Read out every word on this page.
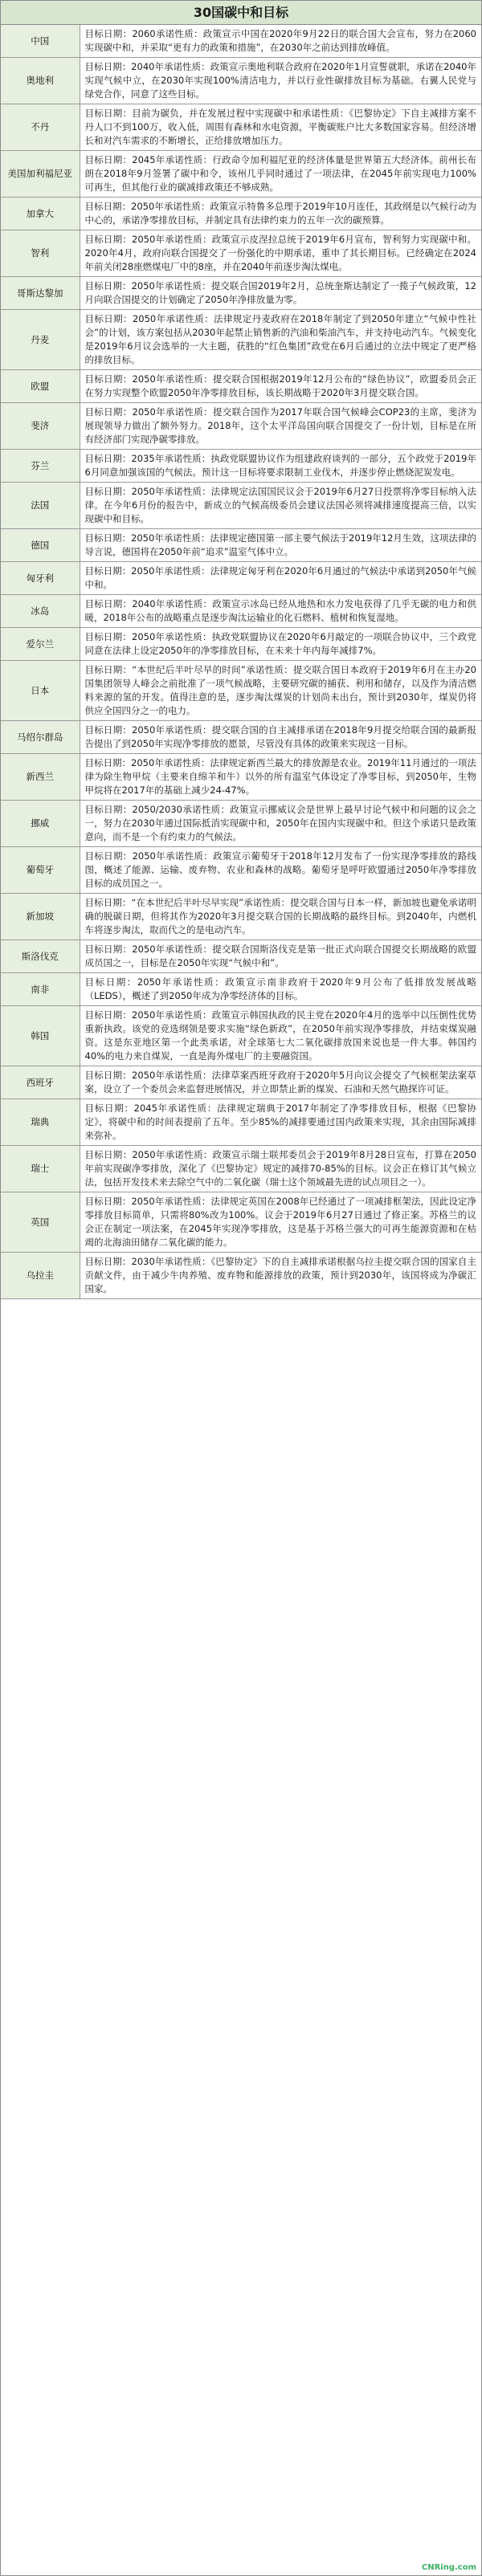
30国碳中和目标
中国	目标日期：2060承诺性质：政策宣示中国在2020年9月22日的联合国大会宣布，努力在2060实现碳中和，并采取“更有力的政策和措施”，在2030年之前达到排放峰值。
奥地利	目标日期：2040年承诺性质：政策宣示奥地利联合政府在2020年1月宣誓就职，承诺在2040年实现气候中立，在2030年实现100%清洁电力，并以行业性碳排放目标为基础。右翼人民党与绿党合作，同意了这些目标。
不丹	目标日期：目前为碳负，并在发展过程中实现碳中和承诺性质：《巴黎协定》下自主减排方案不丹人口不到100万，收入低，周围有森林和水电资源，平衡碳账户比大多数国家容易。但经济增长和对汽车需求的不断增长，正给排放增加压力。
美国加利福尼亚	目标日期：2045年承诺性质：行政命令加利福尼亚的经济体量是世界第五大经济体。前州长布朗在2018年9月签署了碳中和令，该州几乎同时通过了一项法律，在2045年前实现电力100%可再生，但其他行业的碳减排政策还不够成熟。
加拿大	目标日期：2050年承诺性质：政策宣示特鲁多总理于2019年10月连任，其政纲是以气候行动为中心的，承诺净零排放目标，并制定具有法律约束力的五年一次的碳预算。
智利	目标日期：2050年承诺性质：政策宣示皮涅拉总统于2019年6月宣布，智利努力实现碳中和。2020年4月，政府向联合国提交了一份强化的中期承诺，重申了其长期目标。已经确定在2024年前关闭28座燃煤电厂中的8座，并在2040年前逐步淘汰煤电。
哥斯达黎加	目标日期：2050年承诺性质：提交联合国2019年2月，总统奎斯达制定了一揽子气候政策，12月向联合国提交的计划确定了2050年净排放量为零。
丹麦	目标日期：2050年承诺性质：法律规定丹麦政府在2018年制定了到2050年建立“气候中性社会”的计划，该方案包括从2030年起禁止销售新的汽油和柴油汽车，并支持电动汽车。气候变化是2019年6月议会选举的一大主题，获胜的“红色集团”政党在6月后通过的立法中规定了更严格的排放目标。
欧盟	目标日期：2050年承诺性质：提交联合国根据2019年12月公布的“绿色协议”，欧盟委员会正在努力实现整个欧盟2050年净零排放目标，该长期战略于2020年3月提交联合国。
斐济	目标日期：2050年承诺性质：提交联合国作为2017年联合国气候峰会COP23的主席，斐济为展现领导力做出了额外努力。2018年，这个太平洋岛国向联合国提交了一份计划，目标是在所有经济部门实现净碳零排放。
芬兰	目标日期：2035年承诺性质：执政党联盟协议作为组建政府谈判的一部分，五个政党于2019年6月同意加强该国的气候法。预计这一目标将要求限制工业伐木，并逐步停止燃烧泥炭发电。
法国	目标日期：2050年承诺性质：法律规定法国国民议会于2019年6月27日投票将净零目标纳入法律。在今年6月份的报告中，新成立的气候高级委员会建议法国必须将减排速度提高三倍，以实现碳中和目标。
德国	目标日期：2050年承诺性质：法律规定德国第一部主要气候法于2019年12月生效，这项法律的导言说，德国将在2050年前“追求”温室气体中立。
匈牙利	目标日期：2050年承诺性质：法律规定匈牙利在2020年6月通过的气候法中承诺到2050年气候中和。
冰岛	目标日期：2040年承诺性质：政策宣示冰岛已经从地热和水力发电获得了几乎无碳的电力和供暖，2018年公布的战略重点是逐步淘汰运输业的化石燃料、植树和恢复湿地。
爱尔兰	目标日期：2050年承诺性质：执政党联盟协议在2020年6月敲定的一项联合协议中，三个政党同意在法律上设定2050年的净零排放目标，在未来十年内每年减排7%。
日本	目标日期：“本世纪后半叶尽早的时间”承诺性质：提交联合国日本政府于2019年6月在主办20国集团领导人峰会之前批准了一项气候战略，主要研究碳的捕获、利用和储存，以及作为清洁燃料来源的氢的开发。值得注意的是，逐步淘汰煤炭的计划尚未出台，预计到2030年，煤炭仍将供应全国四分之一的电力。
马绍尔群岛	目标日期：2050年承诺性质：提交联合国的自主减排承诺在2018年9月提交给联合国的最新报告提出了到2050年实现净零排放的愿景，尽管没有具体的政策来实现这一目标。
新西兰	目标日期：2050年承诺性质：法律规定新西兰最大的排放源是农业。2019年11月通过的一项法律为除生物甲烷（主要来自绵羊和牛）以外的所有温室气体设定了净零目标，到2050年，生物甲烷将在2017年的基础上减少24-47%。
挪威	目标日期：2050/2030承诺性质：政策宣示挪威议会是世界上最早讨论气候中和问题的议会之一，努力在2030年通过国际抵消实现碳中和，2050年在国内实现碳中和。但这个承诺只是政策意向，而不是一个有约束力的气候法。
葡萄牙	目标日期：2050年承诺性质：政策宣示葡萄牙于2018年12月发布了一份实现净零排放的路线图，概述了能源、运输、废弃物、农业和森林的战略。葡萄牙是呼吁欧盟通过2050年净零排放目标的成员国之一。
新加坡	目标日期：“在本世纪后半叶尽早实现”承诺性质：提交联合国与日本一样，新加坡也避免承诺明确的脱碳日期，但将其作为2020年3月提交联合国的长期战略的最终目标。到2040年，内燃机车将逐步淘汰，取而代之的是电动汽车。
斯洛伐克	目标日期：2050年承诺性质：提交联合国斯洛伐克是第一批正式向联合国提交长期战略的欧盟成员国之一，目标是在2050年实现“气候中和”。
南非	目标日期：2050年承诺性质：政策宣示南非政府于2020年9月公布了低排放发展战略（LEDS），概述了到2050年成为净零经济体的目标。
韩国	目标日期：2050年承诺性质：政策宣示韩国执政的民主党在2020年4月的选举中以压倒性优势重新执政。该党的竞选纲领是要求实施“绿色新政”，在2050年前实现净零排放，并结束煤炭融资。这是东亚地区第一个此类承诺，对全球第七大二氧化碳排放国来说也是一件大事。韩国约40%的电力来自煤炭，一直是海外煤电厂的主要融资国。
西班牙	目标日期：2050年承诺性质：法律草案西班牙政府于2020年5月向议会提交了气候框架法案草案，设立了一个委员会来监督进展情况，并立即禁止新的煤炭、石油和天然气勘探许可证。
瑞典	目标日期：2045年承诺性质：法律规定瑞典于2017年制定了净零排放目标，根据《巴黎协定》，将碳中和的时间表提前了五年。至少85%的减排要通过国内政策来实现，其余由国际减排来弥补。
瑞士	目标日期：2050年承诺性质：政策宣示瑞士联邦委员会于2019年8月28日宣布，打算在2050年前实现碳净零排放，深化了《巴黎协定》规定的减排70-85%的目标。议会正在修订其气候立法，包括开发技术来去除空气中的二氧化碳（瑞士这个领域最先进的试点项目之一）。
英国	目标日期：2050年承诺性质：法律规定英国在2008年已经通过了一项减排框架法，因此设定净零排放目标简单，只需将80%改为100%。议会于2019年6月27日通过了修正案。苏格兰的议会正在制定一项法案，在2045年实现净零排放，这是基于苏格兰强大的可再生能源资源和在枯竭的北海油田储存二氧化碳的能力。
乌拉圭	目标日期：2030年承诺性质：《巴黎协定》下的自主减排承诺根据乌拉圭提交联合国的国家自主贡献文件，由于减少牛肉养殖、废弃物和能源排放的政策，预计到2030年，该国将成为净碳汇国家。
CNRing.com
